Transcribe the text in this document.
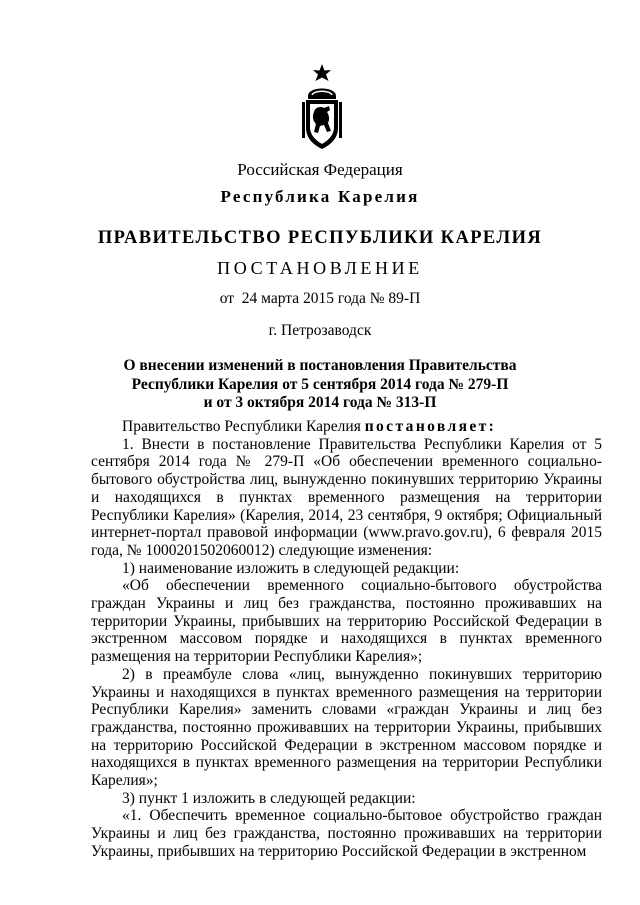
Российская Федерация
Республика Карелия
ПРАВИТЕЛЬСТВО РЕСПУБЛИКИ КАРЕЛИЯ
ПОСТАНОВЛЕНИЕ
от  24 марта 2015 года № 89-П
г. Петрозаводск
О внесении изменений в постановления Правительства
Республики Карелия от 5 сентября 2014 года № 279-П
и от 3 октября 2014 года № 313-П

Правительство Республики Карелия постановляет:

1. Внести в постановление Правительства Республики Карелия от 5 сентября 2014 года № 279-П «Об обеспечении временного социально-бытового обустройства лиц, вынужденно покинувших территорию Украины и находящихся в пунктах временного размещения на территории Республики Карелия» (Карелия, 2014, 23 сентября, 9 октября; Официальный интернет-портал правовой информации (www.pravo.gov.ru), 6 февраля 2015 года, № 1000201502060012) следующие изменения:

1) наименование изложить в следующей редакции:

«Об обеспечении временного социально-бытового обустройства граждан Украины и лиц без гражданства, постоянно проживавших на территории Украины, прибывших на территорию Российской Федерации в экстренном массовом порядке и находящихся в пунктах временного размещения на территории Республики Карелия»;

2) в преамбуле слова «лиц, вынужденно покинувших территорию Украины и находящихся в пунктах временного размещения на территории Республики Карелия» заменить словами «граждан Украины и лиц без гражданства, постоянно проживавших на территории Украины, прибывших на территорию Российской Федерации в экстренном массовом порядке и находящихся в пунктах временного размещения на территории Республики Карелия»;

3) пункт 1 изложить в следующей редакции:

«1. Обеспечить временное социально-бытовое обустройство граждан Украины и лиц без гражданства, постоянно проживавших на территории Украины, прибывших на территорию Российской Федерации в экстренном
